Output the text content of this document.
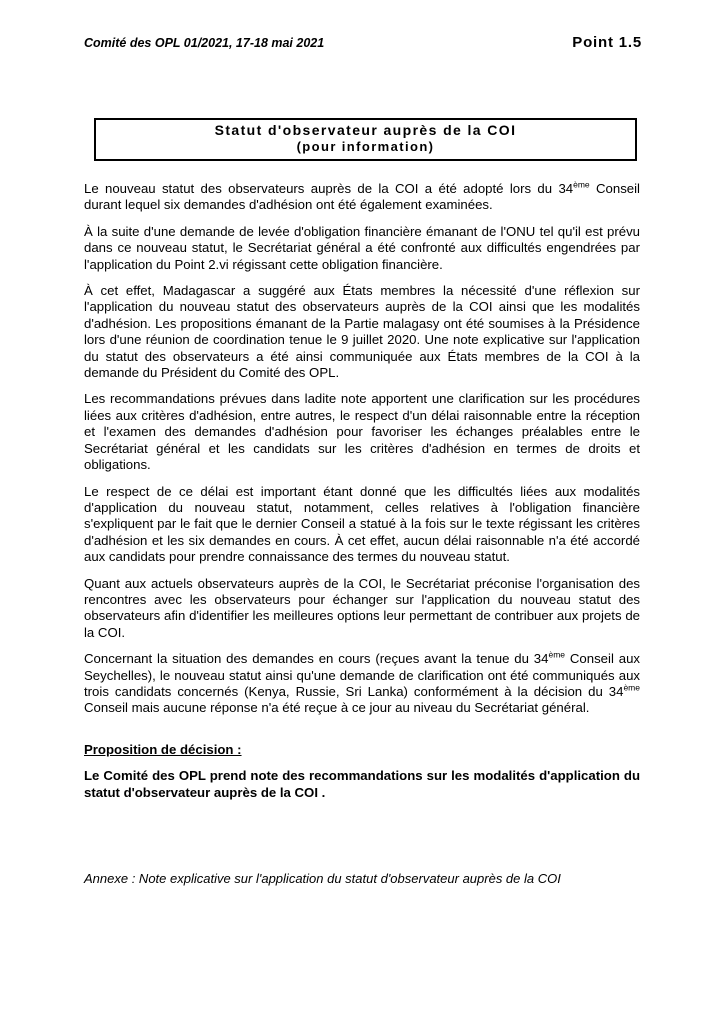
Comité des OPL 01/2021, 17-18 mai 2021	Point 1.5
Statut d'observateur auprès de la COI
(pour information)

Le nouveau statut des observateurs auprès de la COI a été adopté lors du 34ème Conseil durant lequel six demandes d'adhésion ont été également examinées.

À la suite d'une demande de levée d'obligation financière émanant de l'ONU tel qu'il est prévu dans ce nouveau statut, le Secrétariat général a été confronté aux difficultés engendrées par l'application du Point 2.vi régissant cette obligation financière.

À cet effet, Madagascar a suggéré aux États membres la nécessité d'une réflexion sur l'application du nouveau statut des observateurs auprès de la COI ainsi que les modalités d'adhésion. Les propositions émanant de la Partie malagasy ont été soumises à la Présidence lors d'une réunion de coordination tenue le 9 juillet 2020. Une note explicative sur l'application du statut des observateurs a été ainsi communiquée aux États membres de la COI à la demande du Président du Comité des OPL.

Les recommandations prévues dans ladite note apportent une clarification sur les procédures liées aux critères d'adhésion, entre autres, le respect d'un délai raisonnable entre la réception et l'examen des demandes d'adhésion pour favoriser les échanges préalables entre le Secrétariat général et les candidats sur les critères d'adhésion en termes de droits et obligations.

Le respect de ce délai est important étant donné que les difficultés liées aux modalités d'application du nouveau statut, notamment, celles relatives à l'obligation financière s'expliquent par le fait que le dernier Conseil a statué à la fois sur le texte régissant les critères d'adhésion et les six demandes en cours. À cet effet, aucun délai raisonnable n'a été accordé aux candidats pour prendre connaissance des termes du nouveau statut.

Quant aux actuels observateurs auprès de la COI, le Secrétariat préconise l'organisation des rencontres avec les observateurs pour échanger sur l'application du nouveau statut des observateurs afin d'identifier les meilleures options leur permettant de contribuer aux projets de la COI.

Concernant la situation des demandes en cours (reçues avant la tenue du 34ème Conseil aux Seychelles), le nouveau statut ainsi qu'une demande de clarification ont été communiqués aux trois candidats concernés (Kenya, Russie, Sri Lanka) conformément à la décision du 34ème Conseil mais aucune réponse n'a été reçue à ce jour au niveau du Secrétariat général.

Proposition de décision :

Le Comité des OPL prend note des recommandations sur les modalités d'application du statut d'observateur auprès de la COI .

Annexe : Note explicative sur l'application du statut d'observateur auprès de la COI
